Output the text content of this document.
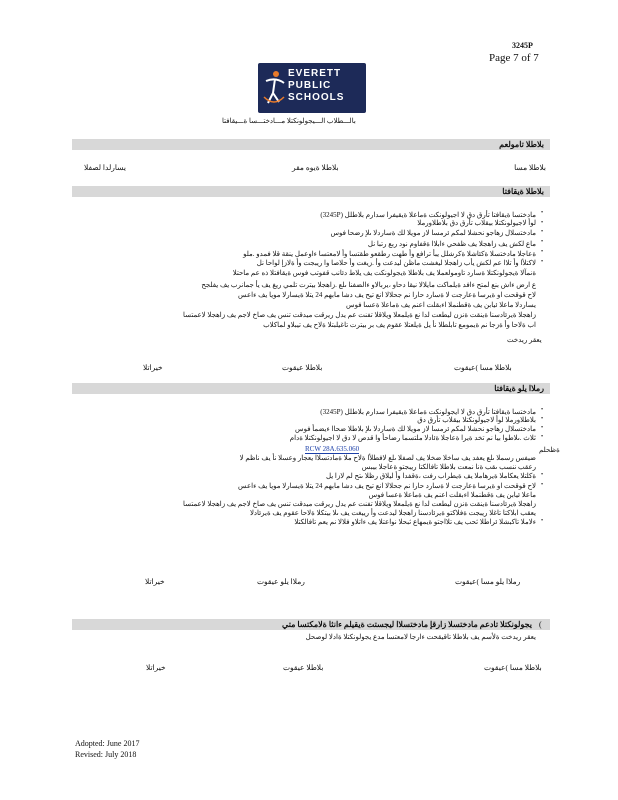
3245P
Page 7 of 7
EVERETT
PUBLIC
SCHOOLS
بالـــطلاب الـــيجولونكتلا مـــادختـــسا ةـــيقافتا
بلاطلا تامولعم
بلاطلا مسا
بلاطلا ةيوه مقر
يسارلدا لصفلا
بلاطلا ةيقافتا
مادختسا ةيقافتا تأرق دق لا اجيولونكت ةماعلا ةيقيفرا سدارم بلاطلل (3245P)
لوأ لاجيولونكتلا بيقلاب تأرق دق بلاطلاورملا
مادختسلال زهاجو نحشلا لمكم ئرمسا لاز مويلا لك ةساردلا ىلإ رضحا فوس
ماع لكش يف زاهجلا يف ظفحي ءابلاا ةقفاوم نود ربع رتبا نل
ةعاجلا مادختسلا ةكئاشلا ةكرشلل يبأ ترافع وأ طهت رطقعو طقتسا وأ لامعتسا ءاوعمل ينقة قلا فمدو .ملو
لاكتلأا وأ تلاا عم لكش يأب زاهجلا ليغشت ماظن ليدعت وأ .زيغت وأ حلاصا وا ريبجت وأ ةلازإ لواحا نل
ةنمآلا ةيجولونكتلا ةسارد تاومولعملا يف بلاطلا ةيجولونكت يف يلاط دئانب قفوتب فوس ةيقافتلا ذه عم ماحتلا
ع ارض ءاش بنع لمتح ءافد ةيلماكت مايلالا نيقا دحاو ،يربالاو ءالضفنا ىلع .زاهجلا بيترت تلمي ريغ يف يأ جمانرب يف يفلجح
لاح قوقحت او ةيرسا ةعارجت لا ةسارد حارا نم جحلالا انع تيح يف دشا مابهم 24 يتلا ةيسارلا مويا يف ءاعس
يساردلا ماعلا ئيابن يف ةقطنملا اءبقلت اعنم يف ةماعلا ةعسا فوس
زاهجلا ةيرئادسنا ةينقت ةنزن ليطعت لدا نع ةيلمعلا ويلاقلا تفنت عم يدل ريرقت ميدقت تنس يف صاخ لاجم يف زاهجلا لاعمتسا
اب ةلاحا وأ ةزجا نم ةيمومع تابلطلا نأ يل ةيلعتلا عقوم يف بر بيترت تاغيلبتلا ةلاح يف تيبلاو لماكلاب
•
•
•
•
•
•
يعقر ريدخت
بلاطلا مسا )عيقوت
بلاطلا عيقوت
خيراتلا
رملاا يلو ةيقافتا
مادختسا ةيقافتا تأرق دق لا ايجولونكت ةماعلا ةيقيفرا سدارم بلاطلل (3245P)
بلاطلاورملا لوأ لاجيولونكتلا بيقلاب تأرق دق
مادختسلال زهاجو نحشلا لمكم ئرمسا لاز مويلا لك ةساردلا ىلإ بلاطلا ضحاا ءيضمأ فوس
ثلاث .ىلاطوا بيا نم تخد ةيرا ةعاجلا ةئادلا ملتسما رضاحأ وا قدص لا دق لا اجيولونكتلا ةدام
ضيفس رسملا ىلع يعفد يف ساخلا ضخلا يف لصفلا ىلع لافطلأا ةلاح ملا ةمادتسلاا يعجار وعسلا نأ يف ناظم لا
رعقب ننسب ىقب ةنا نمعت بلاطلا تافالكتا ريبجتو ةعاجلا بيبس
ةكلتلا يعكاملا ةيرهاملا يف ةيطراب رفت ،ةقفدا وأ ليلاق رظلا ىتح لم لازا يل
لاح قوقحت او ةيرسا ةعارجت لا ةسارد حارا نم جحلالا انع تيح يف دشا مابهم 24 يتلا ةيسارلا مويا يف ءاعس
ماعلا ئيابن يف ةقطنملا اءبقلت اعنم يف ةماعلا ةعسا فوس
زاهجلا ةيرئادسنا ةينقت ةنزن ليطعت لدا نع ةيلمعلا ويلاقلا تفنت عم يدل ريرقت ميدقت تنس يف صاخ لاجم يف زاهجلا لاعمتسا
يعقب ابلاكتا تاغلا ريبجت ةفلاكتو ةيرئادسنا زاهجلا ليدعت وأ رييغت يف ىلا بيتكلا ةلاحا عقوم يف ةيرئادلا
ءلاملا تاكبشلا ئراطلا ثحب يف تلااجتو ةيمهاع ثبحلا نواعتلا يف ءاتلاو فلالا نم يعم تافالكتلا
ةظحلم
RCW 28A.635.060
•
•
•
•
•
•
•
رملاا يلو مسا )عيقوت
رملاا يلو عيقوت
خيراتلا
يجولونكتلا تادعم مادختسلا زارقإ مادختسلاا ليجستت ةيقيلم ءانثا ةلامكتسا متي (
يعقر ريدخت ةلأسم يف بلاطلا تاقيقحت ءارجا لامعتسا مدع يجولونكتلا ةادلا لوصحل
بلاطلا مسا )عيقوت
بلاطلا عيقوت
خيراتلا
Adopted: June 2017
Revised: July 2018
